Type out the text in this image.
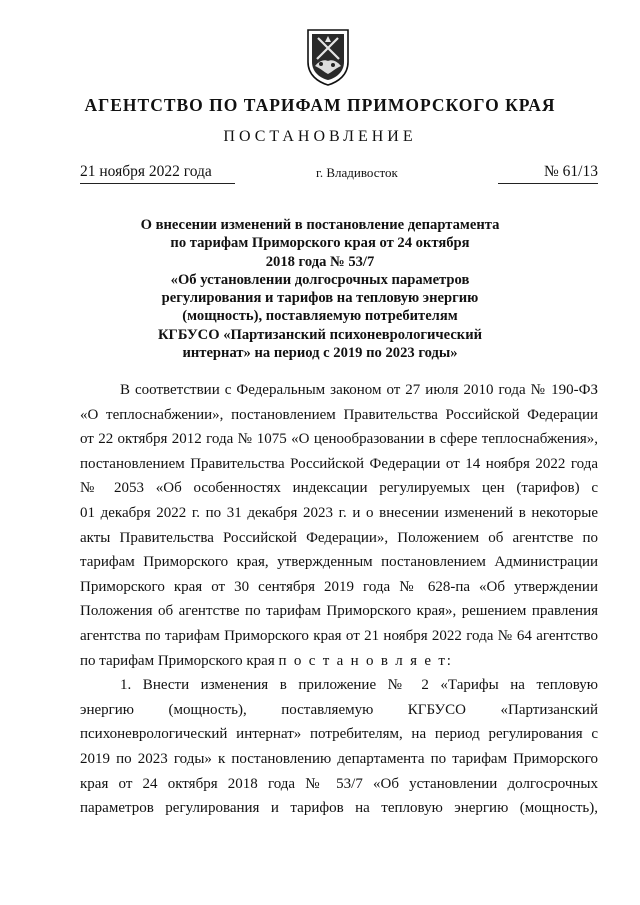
АГЕНТСТВО ПО ТАРИФАМ ПРИМОРСКОГО КРАЯ
ПОСТАНОВЛЕНИЕ
21 ноября 2022 года	г. Владивосток	№ 61/13
О внесении изменений в постановление департамента
по тарифам Приморского края от 24 октября
2018 года № 53/7
«Об установлении долгосрочных параметров
регулирования и тарифов на тепловую энергию
(мощность), поставляемую потребителям
КГБУСО «Партизанский психоневрологический
интернат» на период с 2019 по 2023 годы»
В соответствии с Федеральным законом от 27 июля 2010 года № 190-ФЗ
«О теплоснабжении», постановлением Правительства Российской Федерации
от 22 октября 2012 года № 1075 «О ценообразовании в сфере теплоснабжения»,
постановлением Правительства Российской Федерации от 14 ноября 2022 года
№ 2053 «Об особенностях индексации регулируемых цен (тарифов) с
01 декабря 2022 г. по 31 декабря 2023 г. и о внесении изменений в некоторые
акты Правительства Российской Федерации», Положением об агентстве по
тарифам Приморского края, утвержденным постановлением Администрации
Приморского края от 30 сентября 2019 года № 628-па «Об утверждении
Положения об агентстве по тарифам Приморского края», решением правления
агентства по тарифам Приморского края от 21 ноября 2022 года № 64 агентство
по тарифам Приморского края п о с т а н о в л я е т:
1. Внести изменения в приложение № 2 «Тарифы на тепловую
энергию (мощность), поставляемую КГБУСО «Партизанский
психоневрологический интернат» потребителям, на период регулирования с
2019 по 2023 годы» к постановлению департамента по тарифам Приморского
края от 24 октября 2018 года № 53/7 «Об установлении долгосрочных
параметров регулирования и тарифов на тепловую энергию (мощность),
